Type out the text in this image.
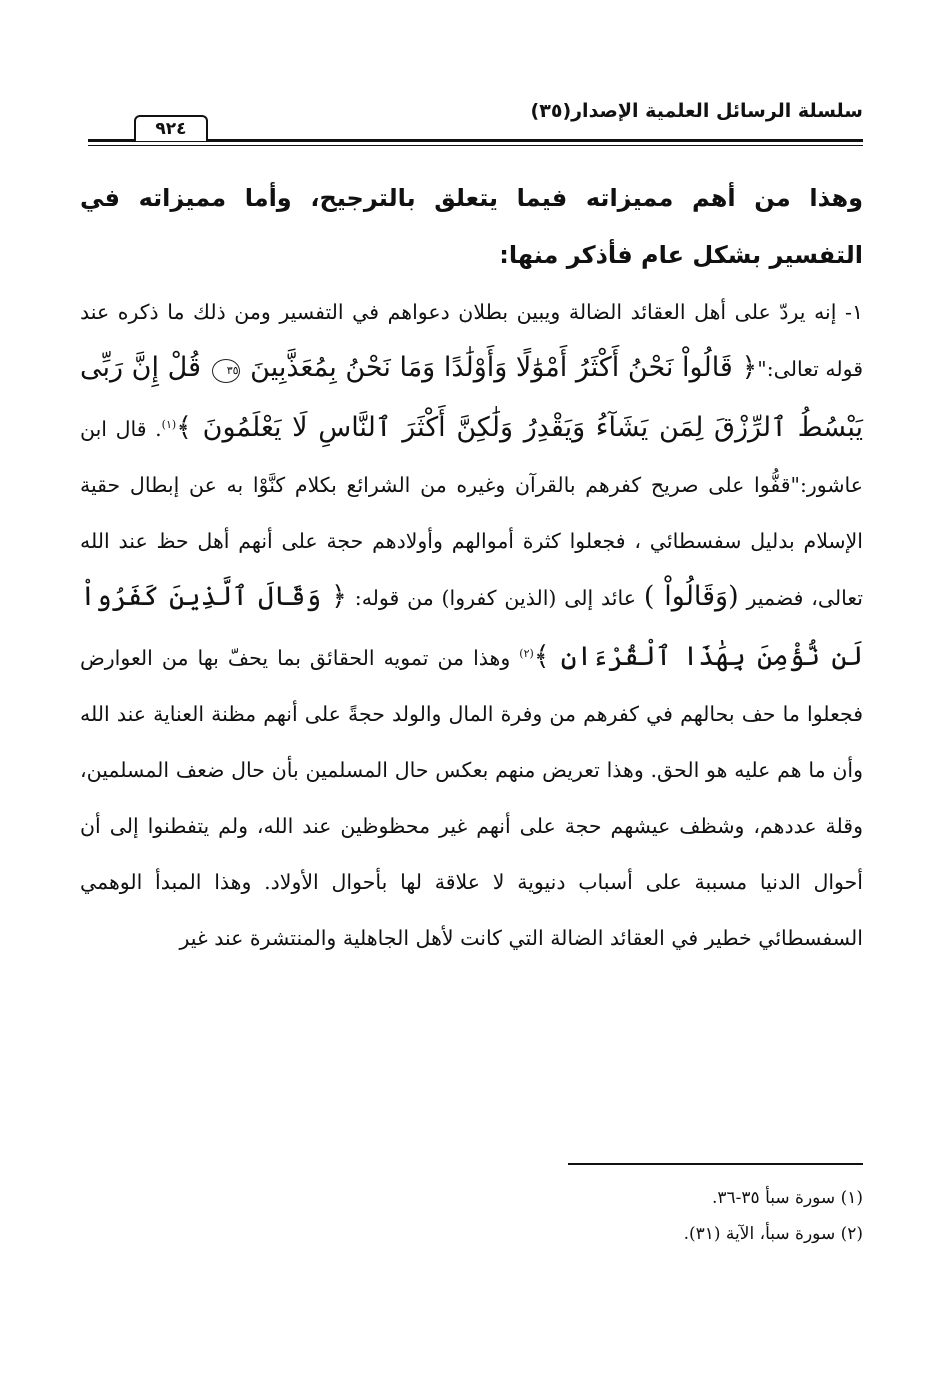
سلسلة الرسائل العلمية الإصدار(٣٥)
٩٢٤

وهذا من أهم مميزاته فيما يتعلق بالترجيح، وأما مميزاته في التفسير بشكل عام فأذكر منها:

١- إنه يردّ على أهل العقائد الضالة ويبين بطلان دعواهم في التفسير ومن ذلك ما ذكره عند قوله تعالى:"﴿ قَالُواْ نَحْنُ أَكْثَرُ أَمْوَٰلًا وَأَوْلَٰدًا وَمَا نَحْنُ بِمُعَذَّبِينَ ٣٥ قُلْ إِنَّ رَبِّى يَبْسُطُ ٱلرِّزْقَ لِمَن يَشَآءُ وَيَقْدِرُ وَلَٰكِنَّ أَكْثَرَ ٱلنَّاسِ لَا يَعْلَمُونَ ﴾$^{(١)}$. قال ابن عاشور:"قفُّوا على صريح كفرهم بالقرآن وغيره من الشرائع بكلام كنَّوْا به عن إبطال حقية الإسلام بدليل سفسطائي ، فجعلوا كثرة أموالهم وأولادهم حجة على أنهم أهل حظ عند الله تعالى، فضمير (وَقَالُواْ ) عائد إلى (الذين كفروا) من قوله: ﴿ وَقَالَ ٱلَّذِينَ كَفَرُواْ لَن نُّؤْمِنَ بِهَٰذَا ٱلْقُرْءَانِ ﴾$^{(٢)}$ وهذا من تمويه الحقائق بما يحفّ بها من العوارض فجعلوا ما حف بحالهم في كفرهم من وفرة المال والولد حجةً على أنهم مظنة العناية عند الله وأن ما هم عليه هو الحق. وهذا تعريض منهم بعكس حال المسلمين بأن حال ضعف المسلمين، وقلة عددهم، وشظف عيشهم حجة على أنهم غير محظوظين عند الله، ولم يتفطنوا إلى أن أحوال الدنيا مسببة على أسباب دنيوية لا علاقة لها بأحوال الأولاد. وهذا المبدأ الوهمي السفسطائي خطير في العقائد الضالة التي كانت لأهل الجاهلية والمنتشرة عند غير

(١) سورة سبأ ٣٥-٣٦.

(٢) سورة سبأ، الآية (٣١).
